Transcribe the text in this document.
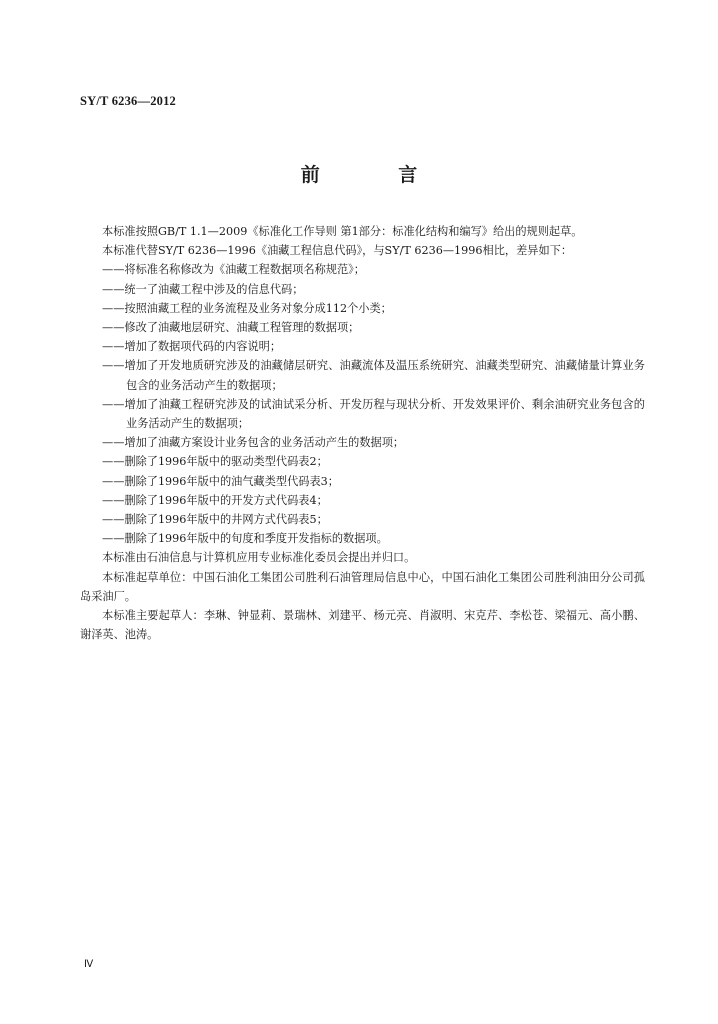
SY/T 6236—2012
前 言

本标准按照GB/T 1.1—2009《标准化工作导则 第1部分：标准化结构和编写》给出的规则起草。

本标准代替SY/T 6236—1996《油藏工程信息代码》，与SY/T 6236—1996相比，差异如下：

——将标准名称修改为《油藏工程数据项名称规范》；

——统一了油藏工程中涉及的信息代码；

——按照油藏工程的业务流程及业务对象分成112个小类；

——修改了油藏地层研究、油藏工程管理的数据项；

——增加了数据项代码的内容说明；

——增加了开发地质研究涉及的油藏储层研究、油藏流体及温压系统研究、油藏类型研究、油藏储量计算业务包含的业务活动产生的数据项；

——增加了油藏工程研究涉及的试油试采分析、开发历程与现状分析、开发效果评价、剩余油研究业务包含的业务活动产生的数据项；

——增加了油藏方案设计业务包含的业务活动产生的数据项；

——删除了1996年版中的驱动类型代码表2；

——删除了1996年版中的油气藏类型代码表3；

——删除了1996年版中的开发方式代码表4；

——删除了1996年版中的井网方式代码表5；

——删除了1996年版中的旬度和季度开发指标的数据项。

本标准由石油信息与计算机应用专业标准化委员会提出并归口。

本标准起草单位：中国石油化工集团公司胜利石油管理局信息中心，中国石油化工集团公司胜利油田分公司孤岛采油厂。

本标准主要起草人：李琳、钟显莉、景瑞林、刘建平、杨元亮、肖淑明、宋克芹、李松苍、梁福元、高小鹏、谢泽英、池涛。

Ⅳ
